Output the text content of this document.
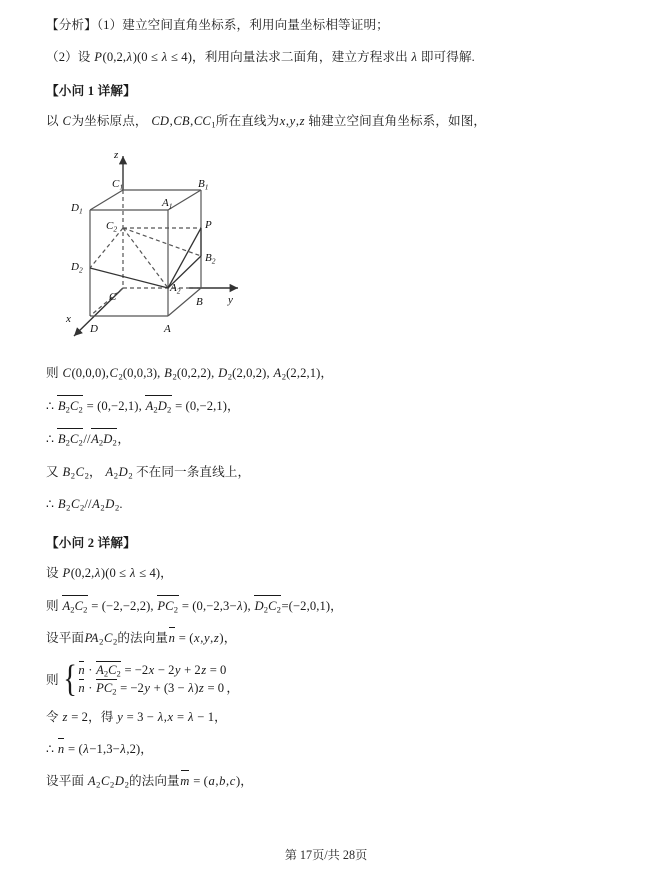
【分析】（1）建立空间直角坐标系，利用向量坐标相等证明；

（2）设 P(0,2,λ)(0 ≤ λ ≤ 4)，利用向量法求二面角，建立方程求出 λ 即可得解.

【小问 1 详解】

以 C为坐标原点， $CD,CB,CC_1$所在直线为x,y,z 轴建立空间直角坐标系，如图，

z
y
x
$C_1$	$B_1$
$D_1$
$A_1$
$C_2$	P
$B_2$
$D_2$
$A_2$
C	B
D	A

则 $C(0,0,0),C_2(0,0,3)$, $B_2(0,2,2)$, $D_2(2,0,2)$, $A_2(2,2,1)$，

∴ $B_2C_2 = (0,-2,1)$, $A_2D_2 = (0,-2,1)$，

∴ $B_2C_2//A_2D_2$，

又 $B_2C_2$， $A_2D_2$ 不在同一条直线上，

∴ $B_2C_2//A_2D_2$.

【小问 2 详解】

设 P(0,2,λ)(0 ≤ λ ≤ 4)，

则 $A_2C_2 = (-2,-2,2)$, $PC_2 = (0,-2,3-\lambda)$, $D_2C_2=(-2,0,1)$，

设平面$PA_2C_2$的法向量n = (x,y,z)，

则 { $n \cdot A_2C_2 = -2x - 2y + 2z = 0$
$n \cdot PC_2 = -2y + (3 - \lambda)z = 0$ ，

令 z = 2，得 y = 3 − λ,x = λ − 1，

∴ n = (λ−1,3−λ,2)，

设平面 $A_2C_2D_2$的法向量m = (a,b,c)，

第 17页/共 28页
